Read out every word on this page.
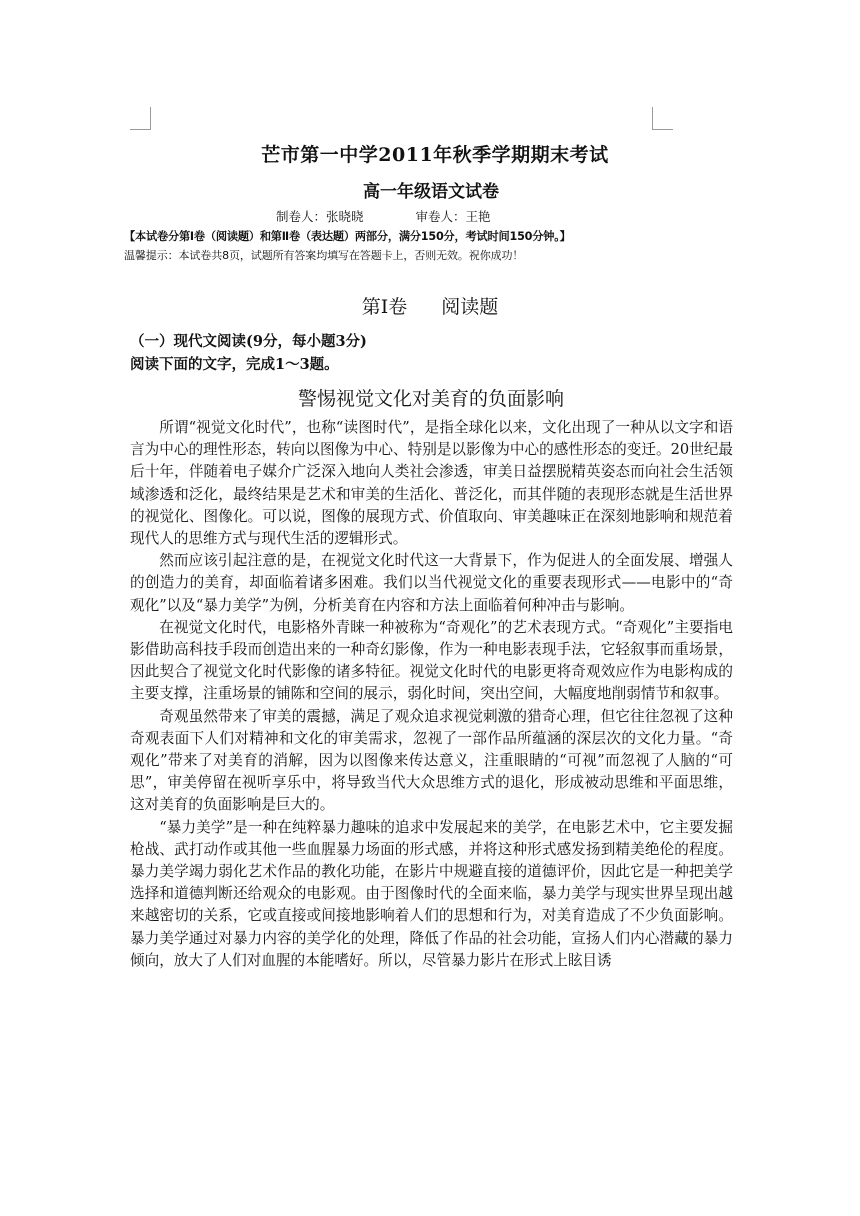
芒市第一中学2011年秋季学期期末考试
高一年级语文试卷
制卷人：张晓晓	审卷人：王艳
【本试卷分第Ⅰ卷（阅读题）和第Ⅱ卷（表达题）两部分，满分150分，考试时间150分钟。】
温馨提示：本试卷共8页，试题所有答案均填写在答题卡上，否则无效。祝你成功！
第Ⅰ卷 阅读题
（一）现代文阅读(9分，每小题3分)
阅读下面的文字，完成1～3题。
警惕视觉文化对美育的负面影响

所谓“视觉文化时代”，也称“读图时代”，是指全球化以来，文化出现了一种从以文字和语言为中心的理性形态，转向以图像为中心、特别是以影像为中心的感性形态的变迁。20世纪最后十年，伴随着电子媒介广泛深入地向人类社会渗透，审美日益摆脱精英姿态而向社会生活领域渗透和泛化，最终结果是艺术和审美的生活化、普泛化，而其伴随的表现形态就是生活世界的视觉化、图像化。可以说，图像的展现方式、价值取向、审美趣味正在深刻地影响和规范着现代人的思维方式与现代生活的逻辑形式。

然而应该引起注意的是，在视觉文化时代这一大背景下，作为促进人的全面发展、增强人的创造力的美育，却面临着诸多困难。我们以当代视觉文化的重要表现形式——电影中的“奇观化”以及“暴力美学”为例，分析美育在内容和方法上面临着何种冲击与影响。

在视觉文化时代，电影格外青睐一种被称为“奇观化”的艺术表现方式。“奇观化”主要指电影借助高科技手段而创造出来的一种奇幻影像，作为一种电影表现手法，它轻叙事而重场景，因此契合了视觉文化时代影像的诸多特征。视觉文化时代的电影更将奇观效应作为电影构成的主要支撑，注重场景的铺陈和空间的展示，弱化时间，突出空间，大幅度地削弱情节和叙事。

奇观虽然带来了审美的震撼，满足了观众追求视觉刺激的猎奇心理，但它往往忽视了这种奇观表面下人们对精神和文化的审美需求，忽视了一部作品所蕴涵的深层次的文化力量。“奇观化”带来了对美育的消解，因为以图像来传达意义，注重眼睛的“可视”而忽视了人脑的“可思”，审美停留在视听享乐中，将导致当代大众思维方式的退化，形成被动思维和平面思维，这对美育的负面影响是巨大的。

“暴力美学”是一种在纯粹暴力趣味的追求中发展起来的美学，在电影艺术中，它主要发掘枪战、武打动作或其他一些血腥暴力场面的形式感，并将这种形式感发扬到精美绝伦的程度。暴力美学竭力弱化艺术作品的教化功能，在影片中规避直接的道德评价，因此它是一种把美学选择和道德判断还给观众的电影观。由于图像时代的全面来临，暴力美学与现实世界呈现出越来越密切的关系，它或直接或间接地影响着人们的思想和行为，对美育造成了不少负面影响。暴力美学通过对暴力内容的美学化的处理，降低了作品的社会功能，宣扬人们内心潜藏的暴力倾向，放大了人们对血腥的本能嗜好。所以，尽管暴力影片在形式上眩目诱
